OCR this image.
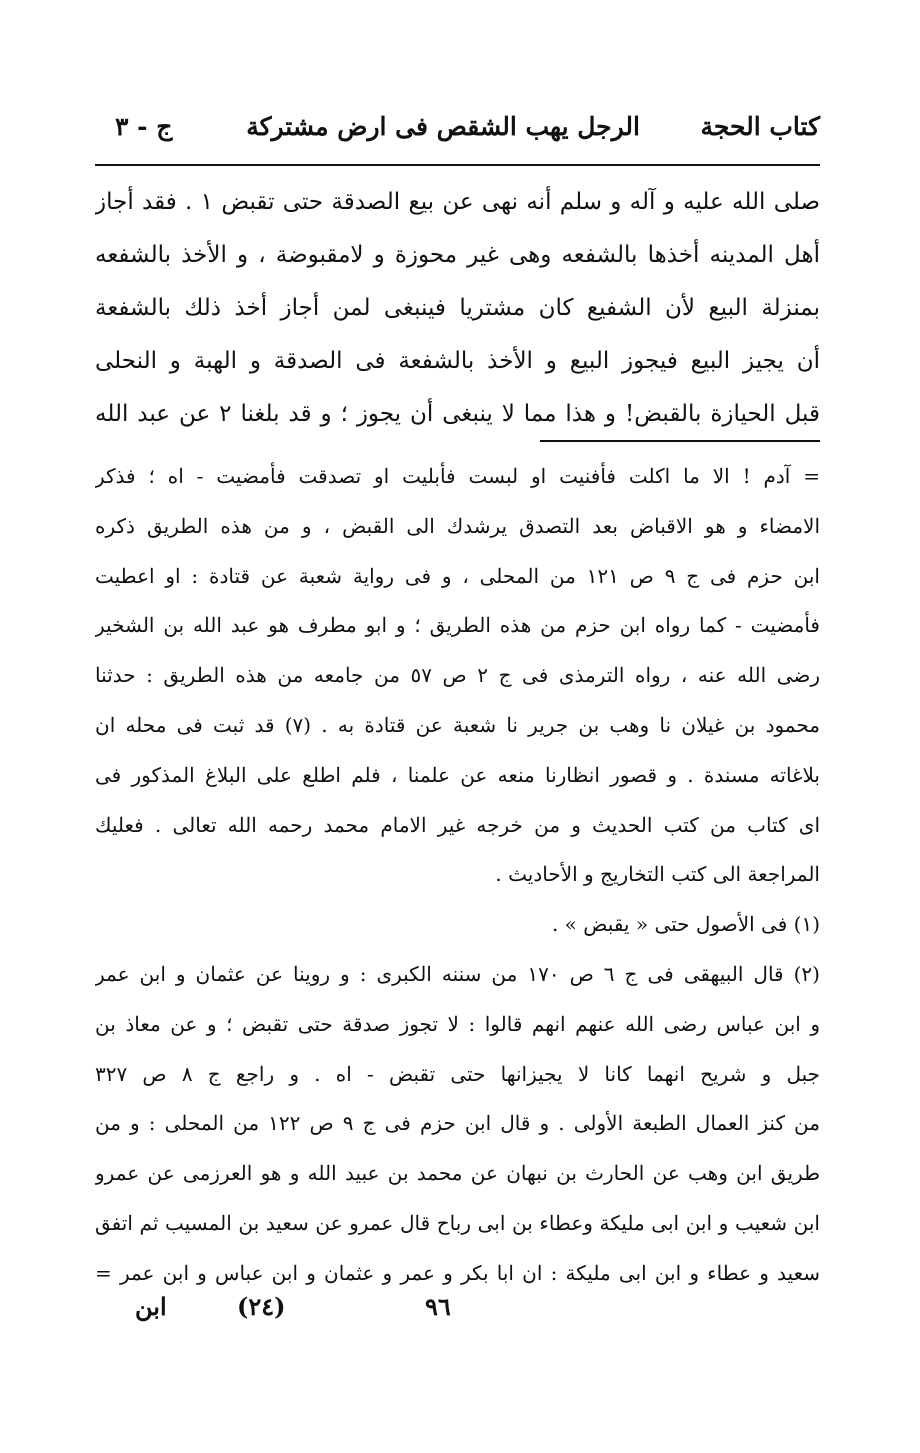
كتاب الحجة
الرجل يهب الشقص فى ارض مشتركة
ج - ٣

صلى الله عليه و آله و سلم أنه نهى عن بيع الصدقة حتى تقبض ١ . فقد أجاز

أهل المدينه أخذها بالشفعه وهى غير محوزة و لامقبوضة ، و الأخذ بالشفعه

بمنزلة البيع لأن الشفيع كان مشتريا فينبغى لمن أجاز أخذ ذلك بالشفعة

أن يجيز البيع فيجوز البيع و الأخذ بالشفعة فى الصدقة و الهبة و النحلى

قبل الحيازة بالقبض! و هذا مما لا ينبغى أن يجوز ؛ و قد بلغنا ٢ عن عبد الله

= آدم ! الا ما اكلت فأفنيت او لبست فأبليت او تصدقت فأمضيت - اه ؛ فذكر

الامضاء و هو الاقباض بعد التصدق يرشدك الى القبض ، و من هذه الطريق ذكره

ابن حزم فى ج ٩ ص ١٢١ من المحلى ، و فى رواية شعبة عن قتادة : او اعطيت

فأمضيت - كما رواه ابن حزم من هذه الطريق ؛ و ابو مطرف هو عبد الله بن الشخير

رضى الله عنه ، رواه الترمذى فى ج ٢ ص ٥٧ من جامعه من هذه الطريق : حدثنا

محمود بن غيلان نا وهب بن جرير نا شعبة عن قتادة به . (٧) قد ثبت فى محله ان

بلاغاته مسندة . و قصور انظارنا منعه عن علمنا ، فلم اطلع على البلاغ المذكور فى

اى كتاب من كتب الحديث و من خرجه غير الامام محمد رحمه الله تعالى . فعليك

المراجعة الى كتب التخاريج و الأحاديث .

(١) فى الأصول حتى « يقبض » .

(٢) قال البيهقى فى ج ٦ ص ١٧٠ من سننه الكبرى : و روينا عن عثمان و ابن عمر

و ابن عباس رضى الله عنهم انهم قالوا : لا تجوز صدقة حتى تقبض ؛ و عن معاذ بن

جبل و شريح انهما كانا لا يجيزانها حتى تقبض - اه . و راجع ج ٨ ص ٣٢٧

من كنز العمال الطبعة الأولى . و قال ابن حزم فى ج ٩ ص ١٢٢ من المحلى : و من

طريق ابن وهب عن الحارث بن نبهان عن محمد بن عبيد الله و هو العرزمى عن عمرو

ابن شعيب و ابن ابى مليكة وعطاء بن ابى رباح قال عمرو عن سعيد بن المسيب ثم اتفق

سعيد و عطاء و ابن ابى مليكة : ان ابا بكر و عمر و عثمان و ابن عباس و ابن عمر =

٩٦
(٢٤)
ابن
